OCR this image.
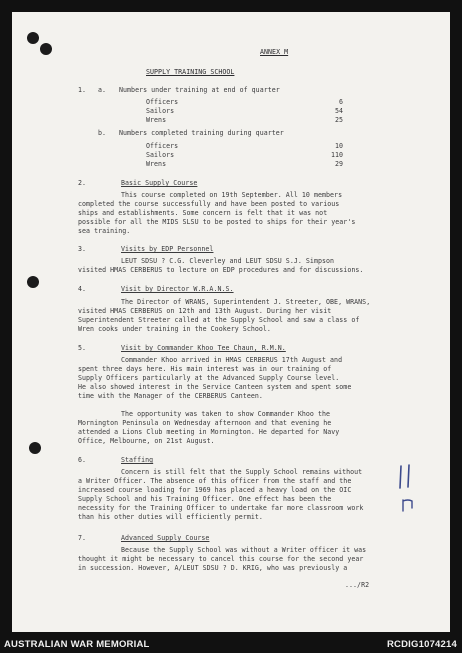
ANNEX M
SUPPLY TRAINING SCHOOL
1. a. Numbers under training at end of quarter
Officers	6
Sailors	54
Wrens	25
b. Numbers completed training during quarter
Officers	10
Sailors	110
Wrens	29
2.	Basic Supply Course
This course completed on 19th September. All 10 members
completed the course successfully and have been posted to various
ships and establishments. Some concern is felt that it was not
possible for all the MIDS SLSU to be posted to ships for their year's
sea training.
3.	Visits by EDP Personnel
LEUT SDSU ? C.G. Cleverley and LEUT SDSU S.J. Simpson
visited HMAS CERBERUS to lecture on EDP procedures and for discussions.
4.	Visit by Director W.R.A.N.S.
The Director of WRANS, Superintendent J. Streeter, OBE, WRANS,
visited HMAS CERBERUS on 12th and 13th August. During her visit
Superintendent Streeter called at the Supply School and saw a class of
Wren cooks under training in the Cookery School.
5.	Visit by Commander Khoo Tee Chaun, R.M.N.
Commander Khoo arrived in HMAS CERBERUS 17th August and
spent three days here. His main interest was in our training of
Supply Officers particularly at the Advanced Supply Course level.
He also showed interest in the Service Canteen system and spent some
time with the Manager of the CERBERUS Canteen.
The opportunity was taken to show Commander Khoo the
Mornington Peninsula on Wednesday afternoon and that evening he
attended a Lions Club meeting in Mornington. He departed for Navy
Office, Melbourne, on 21st August.
6.	Staffing
Concern is still felt that the Supply School remains without
a Writer Officer. The absence of this officer from the staff and the
increased course loading for 1969 has placed a heavy load on the OIC
Supply School and his Training Officer. One effect has been the
necessity for the Training Officer to undertake far more classroom work
than his other duties will efficiently permit.
7.	Advanced Supply Course
Because the Supply School was without a Writer officer it was
thought it might be necessary to cancel this course for the second year
in succession. However, A/LEUT SDSU ? D. KRIG, who was previously a
.../R2
AUSTRALIAN WAR MEMORIAL	RCDIG1074214
